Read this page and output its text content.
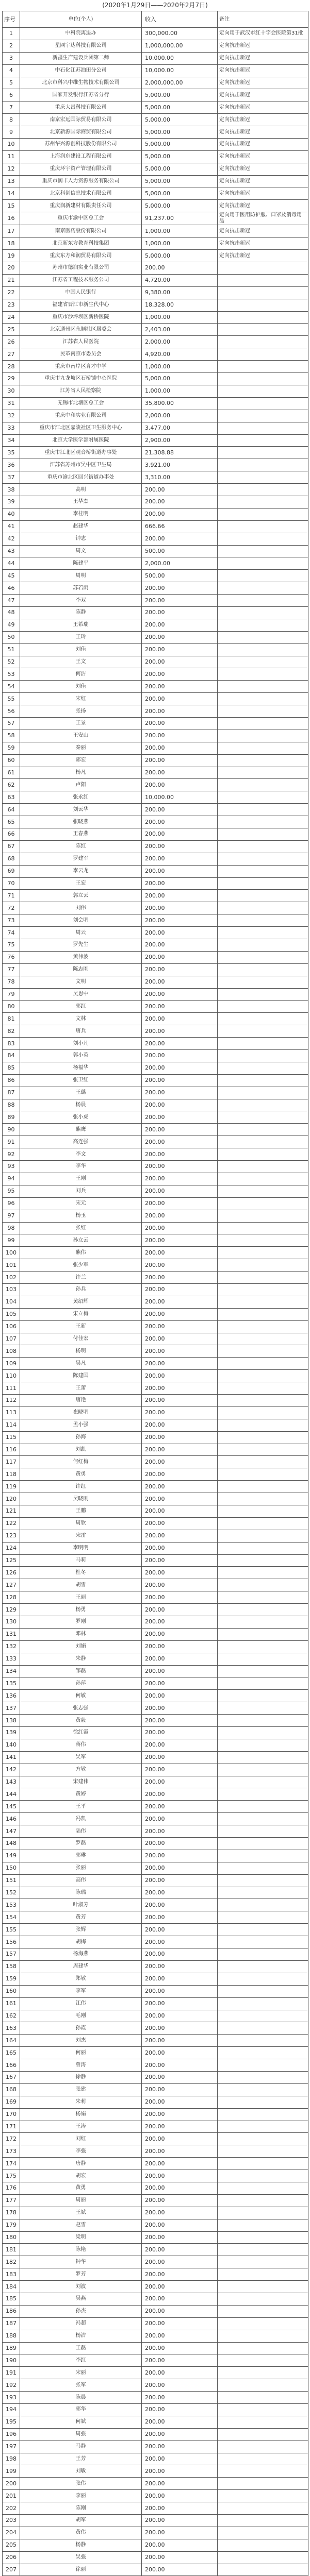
(2020年1月29日——2020年2月7日)
序号	单位(个人)	收入	备注
1	中科院离退办	300,000.00	定向用于武汉市红十字会医院第31批
2	星网宇达科技有限公司	1,000,000.00	定向抗击新冠
3	新疆生产建设兵团第二师	10,000.00	定向抗击新冠
4	中石化江苏油田分公司	10,000.00	定向抗击新冠
5	北京市科兴中维生物技术有限公司	2,000,000.00	定向抗击新冠
6	国家开发银行江苏省分行	5,000.00	定向抗击新冠
7	重庆大昌科技有限公司	5,000.00	定向抗击新冠
8	南京宏远国际贸易有限公司	5,000.00	定向抗击新冠
9	北京新源国际商贸有限公司	5,000.00	定向抗击新冠
10	苏州华兴源创科技股份有限公司	5,000.00	定向抗击新冠
11	上海润东建设工程有限公司	5,000.00	定向抗击新冠
12	重庆环宇资产管理有限公司	5,000.00	定向抗击新冠
13	重庆市润丰人力资源服务有限公司	5,000.00	定向抗击新冠
14	北京科创信息技术有限公司	5,000.00	定向抗击新冠
15	重庆润新建材有限责任公司	5,000.00	定向抗击新冠
16	重庆市渝中区总工会	91,237.00	定向用于医用防护服、口罩及消毒用品
17	南京医药股份有限公司	1,000.00	定向抗击新冠
18	北京新东方教育科技集团	1,000.00	定向抗击新冠
19	重庆东方和润贸易有限公司	5,000.00	定向抗击新冠
20	苏州市德润实业有限公司	200.00	
21	江苏省工程技术服务公司	4,720.00	
22	中国人民银行	9,380.00	
23	福建省晋江市新生代中心	18,328.00	
24	重庆市沙坪坝区新桥医院	1,000.00	
25	北京通州区永顺社区居委会	2,403.00	
26	江苏省人民医院	2,000.00	
27	民革南京市委员会	4,920.00	
28	重庆市南岸区育才中学	1,000.00	
29	重庆市九龙坡区石桥铺中心医院	5,000.00	
30	江苏省人民检察院	1,000.00	
31	无锡市北塘区总工会	35,800.00	
32	重庆中和实业有限公司	2,000.00	
33	重庆市江北区嘉陵社区卫生服务中心	3,477.00	
34	北京大学医学部附属医院	2,900.00	
35	重庆市江北区观音桥街道办事处	21,308.88	
36	江苏省苏州市吴中区卫生局	3,921.00	
37	重庆市渝北区回兴街道办事处	3,310.00	
38	高明	200.00	
39	王华杰	200.00	
40	李桂明	200.00	
41	赵建华	666.66	
42	钟志	200.00	
43	周文	500.00	
44	陈建平	2,000.00	
45	周明	500.00	
46	苏若雨	200.00	
47	李双	200.00	
48	陈静	200.00	
49	王希瑞	200.00	
50	王玲	200.00	
51	刘佳	200.00	
52	王文	200.00	
53	何洁	200.00	
54	刘佳	200.00	
55	宋红	200.00	
56	张扬	200.00	
57	王景	200.00	
58	王安山	200.00	
59	秦丽	200.00	
60	郭宏	200.00	
61	杨凡	200.00	
62	卢阳	200.00	
63	张永红	10,000.00	
64	刘云华	200.00	
65	张晓燕	200.00	
66	王春燕	200.00	
67	陈红	200.00	
68	罗建军	200.00	
69	李云龙	200.00	
70	王宏	200.00	
71	郭立云	200.00	
72	刘伟	200.00	
73	刘会明	200.00	
74	周云	200.00	
75	罗先生	200.00	
76	黄伟波	200.00	
77	陈志刚	200.00	
78	文明	200.00	
79	吴思中	200.00	
80	郭红	200.00	
81	文林	200.00	
82	唐兵	200.00	
83	刘小凡	200.00	
84	郭小英	200.00	
85	杨福华	200.00	
86	张卫红	200.00	
87	王璐	200.00	
88	杨晨	200.00	
89	张小虎	200.00	
90	熊鹰	200.00	
91	高连强	200.00	
92	李文	200.00	
93	李华	200.00	
94	王刚	200.00	
95	刘兵	200.00	
96	宋元	200.00	
97	杨玉	200.00	
98	张红	200.00	
99	孙立云	200.00	
100	熊伟	200.00	
101	张少军	200.00	
102	许兰	200.00	
103	孙兵	200.00	
104	黄绍辉	200.00	
105	宋立梅	200.00	
106	王新	200.00	
107	付佳宏	200.00	
108	杨明	200.00	
109	吴凡	200.00	
110	陈建国	200.00	
111	王蕾	200.00	
112	唐艳	200.00	
113	崔晓明	200.00	
114	孟小强	200.00	
115	孙海	200.00	
116	刘凯	200.00	
117	何红梅	200.00	
118	黄勇	200.00	
119	许红	200.00	
120	吴晓刚	200.00	
121	王鹏	200.00	
122	周欣	200.00	
123	宋雷	200.00	
124	李明明	200.00	
125	马莉	200.00	
126	杜冬	200.00	
127	胡雪	200.00	
128	王丽	200.00	
129	杨勇	200.00	
130	罗刚	200.00	
131	邓林	200.00	
132	刘娟	200.00	
133	朱静	200.00	
134	邹磊	200.00	
135	孙萍	200.00	
136	何敏	200.00	
137	张志强	200.00	
138	黄毅	200.00	
139	徐红霞	200.00	
140	蒋伟	200.00	
141	吴军	200.00	
142	方敏	200.00	
143	宋建伟	200.00	
144	黄婷	200.00	
145	王平	200.00	
146	冯凯	200.00	
147	陆伟	200.00	
148	罗磊	200.00	
149	郭琳	200.00	
150	张丽	200.00	
151	高伟	200.00	
152	陈瑞	200.00	
153	叶淑芳	200.00	
154	黄芳	200.00	
155	张辉	200.00	
156	胡梅	200.00	
157	杨海燕	200.00	
158	周建华	200.00	
159	郑敏	200.00	
160	李军	200.00	
161	江伟	200.00	
162	毛刚	200.00	
163	孙霞	200.00	
164	刘杰	200.00	
165	何丽	200.00	
166	曾涛	200.00	
167	徐静	200.00	
168	张建	200.00	
169	朱莉	200.00	
170	杨娟	200.00	
171	王涛	200.00	
172	刘红	200.00	
173	李强	200.00	
174	唐静	200.00	
175	胡宏	200.00	
176	黄勇	200.00	
177	周丽	200.00	
178	王斌	200.00	
179	赵雪	200.00	
180	梁明	200.00	
181	陈艳	200.00	
182	钟华	200.00	
183	罗芳	200.00	
184	刘波	200.00	
185	吴燕	200.00	
186	孙杰	200.00	
187	冯超	200.00	
188	杨洁	200.00	
189	王磊	200.00	
190	李红	200.00	
191	宋丽	200.00	
192	张军	200.00	
193	陈晨	200.00	
194	郭华	200.00	
195	何斌	200.00	
196	周强	200.00	
197	马静	200.00	
198	王芳	200.00	
199	刘敏	200.00	
200	张伟	200.00	
201	李丽	200.00	
202	陈刚	200.00	
203	胡军	200.00	
204	黄伟	200.00	
205	杨静	200.00	
206	吴强	200.00	
207	徐丽	200.00	
